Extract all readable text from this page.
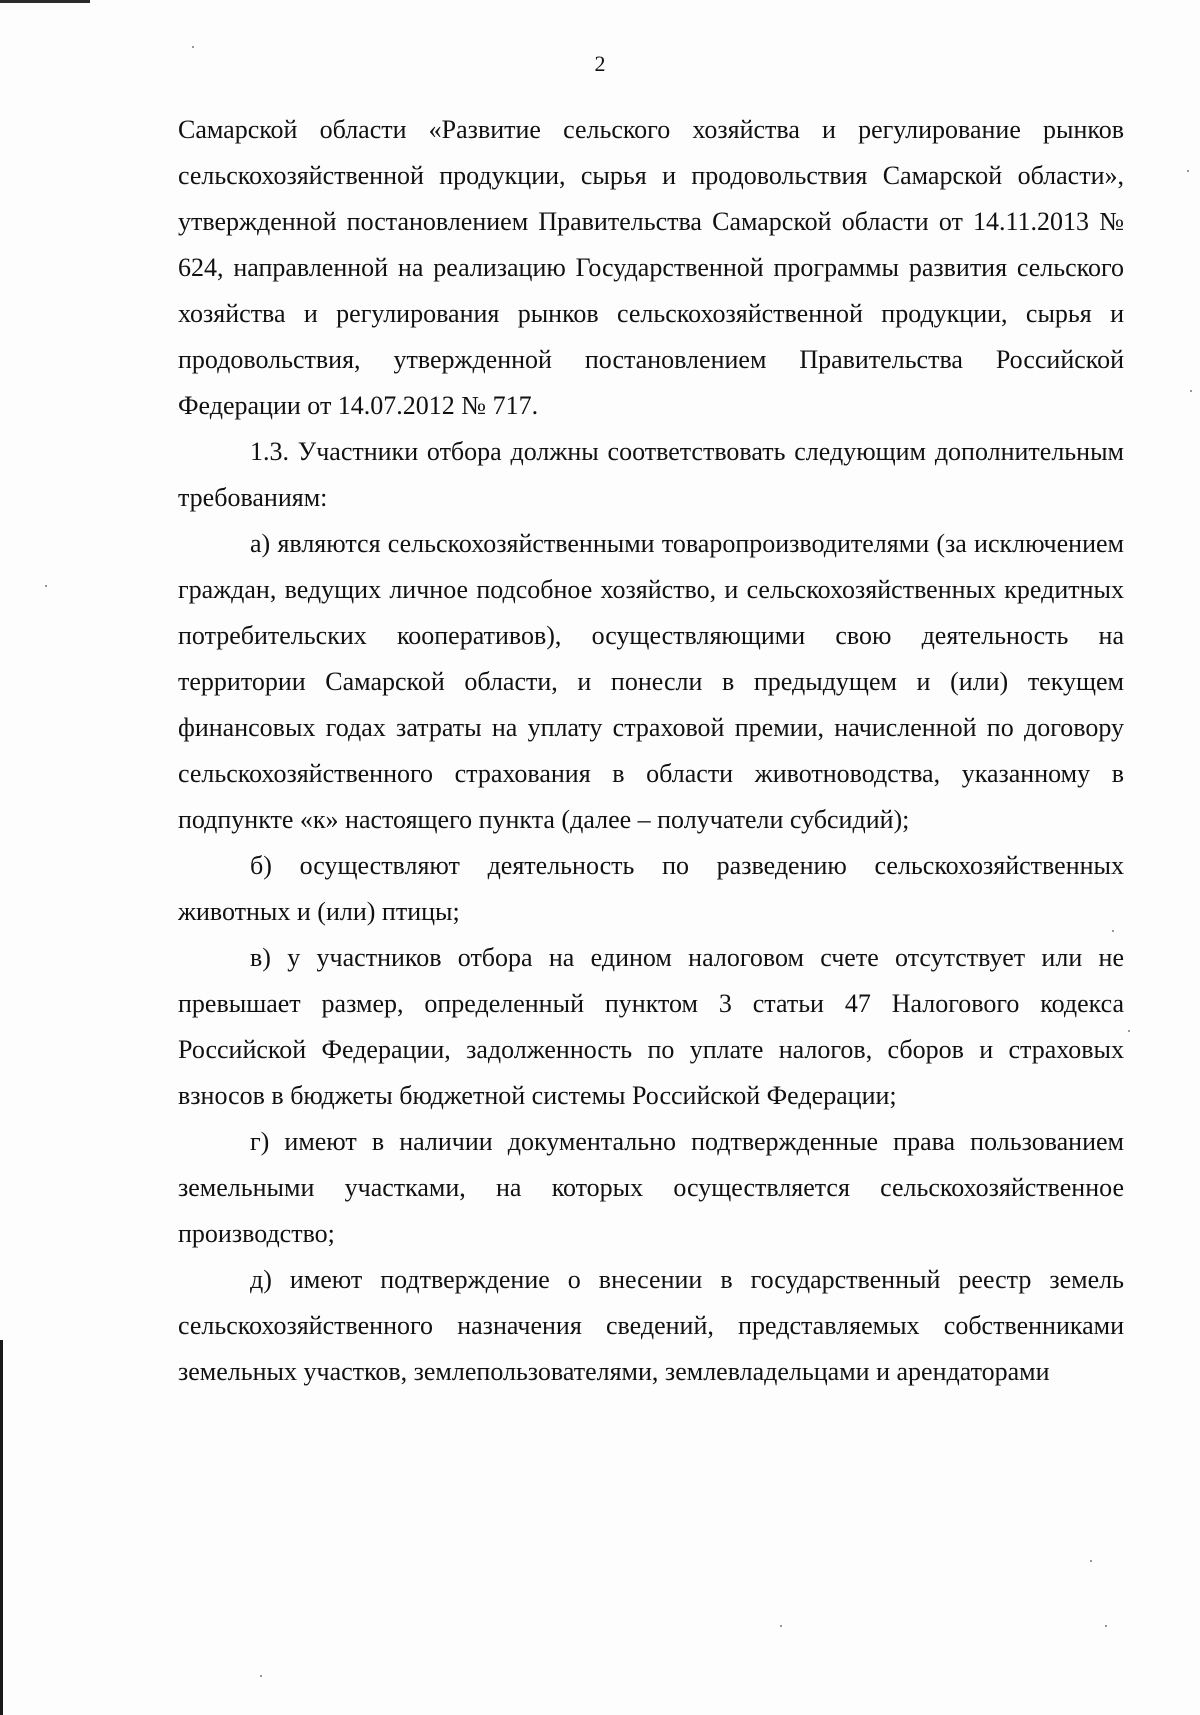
2

Самарской области «Развитие сельского хозяйства и регулирование рынков сельскохозяйственной продукции, сырья и продовольствия Самарской области», утвержденной постановлением Правительства Самарской области от 14.11.2013 № 624, направленной на реализацию Государственной программы развития сельского хозяйства и регулирования рынков сельскохозяйственной продукции, сырья и продовольствия, утвержденной постановлением Правительства Российской Федерации от 14.07.2012 № 717.

1.3. Участники отбора должны соответствовать следующим дополнительным требованиям:

а) являются сельскохозяйственными товаропроизводителями (за исключением граждан, ведущих личное подсобное хозяйство, и сельскохозяйственных кредитных потребительских кооперативов), осуществляющими свою деятельность на территории Самарской области, и понесли в предыдущем и (или) текущем финансовых годах затраты на уплату страховой премии, начисленной по договору сельскохозяйственного страхования в области животноводства, указанному в подпункте «к» настоящего пункта (далее – получатели субсидий);

б) осуществляют деятельность по разведению сельскохозяйственных животных и (или) птицы;

в) у участников отбора на едином налоговом счете отсутствует или не превышает размер, определенный пунктом 3 статьи 47 Налогового кодекса Российской Федерации, задолженность по уплате налогов, сборов и страховых взносов в бюджеты бюджетной системы Российской Федерации;

г) имеют в наличии документально подтвержденные права пользованием земельными участками, на которых осуществляется сельскохозяйственное производство;

д) имеют подтверждение о внесении в государственный реестр земель сельскохозяйственного назначения сведений, представляемых собственниками земельных участков, землепользователями, землевладельцами и арендаторами
